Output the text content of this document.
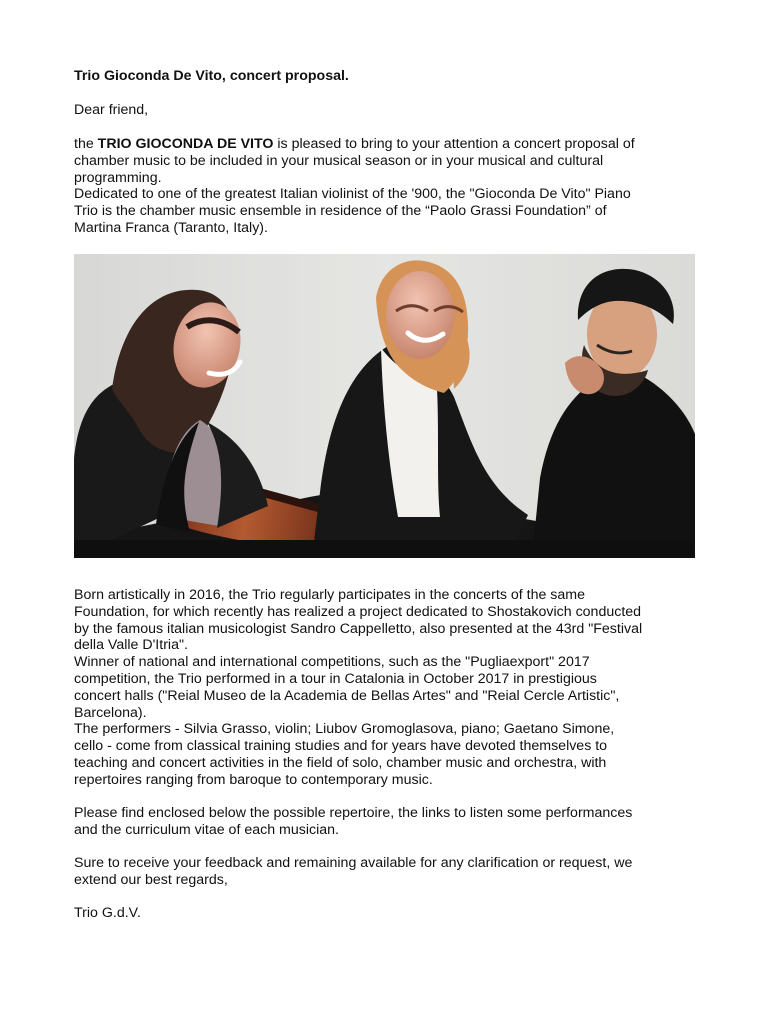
Trio Gioconda De Vito, concert proposal.
Dear friend,
the TRIO GIOCONDA DE VITO is pleased to bring to your attention a concert proposal of
chamber music to be included in your musical season or in your musical and cultural
programming.
Dedicated to one of the greatest Italian violinist of the '900, the "Gioconda De Vito" Piano
Trio is the chamber music ensemble in residence of the “Paolo Grassi Foundation” of
Martina Franca (Taranto, Italy).
Born artistically in 2016, the Trio regularly participates in the concerts of the same
Foundation, for which recently has realized a project dedicated to Shostakovich conducted
by the famous italian musicologist Sandro Cappelletto, also presented at the 43rd "Festival
della Valle D'Itria".
Winner of national and international competitions, such as the "Pugliaexport" 2017
competition, the Trio performed in a tour in Catalonia in October 2017 in prestigious
concert halls ("Reial Museo de la Academia de Bellas Artes" and "Reial Cercle Artistic",
Barcelona).
The performers - Silvia Grasso, violin; Liubov Gromoglasova, piano; Gaetano Simone,
cello - come from classical training studies and for years have devoted themselves to
teaching and concert activities in the field of solo, chamber music and orchestra, with
repertoires ranging from baroque to contemporary music.
Please find enclosed below the possible repertoire, the links to listen some performances
and the curriculum vitae of each musician.
Sure to receive your feedback and remaining available for any clarification or request, we
extend our best regards,
Trio G.d.V.
